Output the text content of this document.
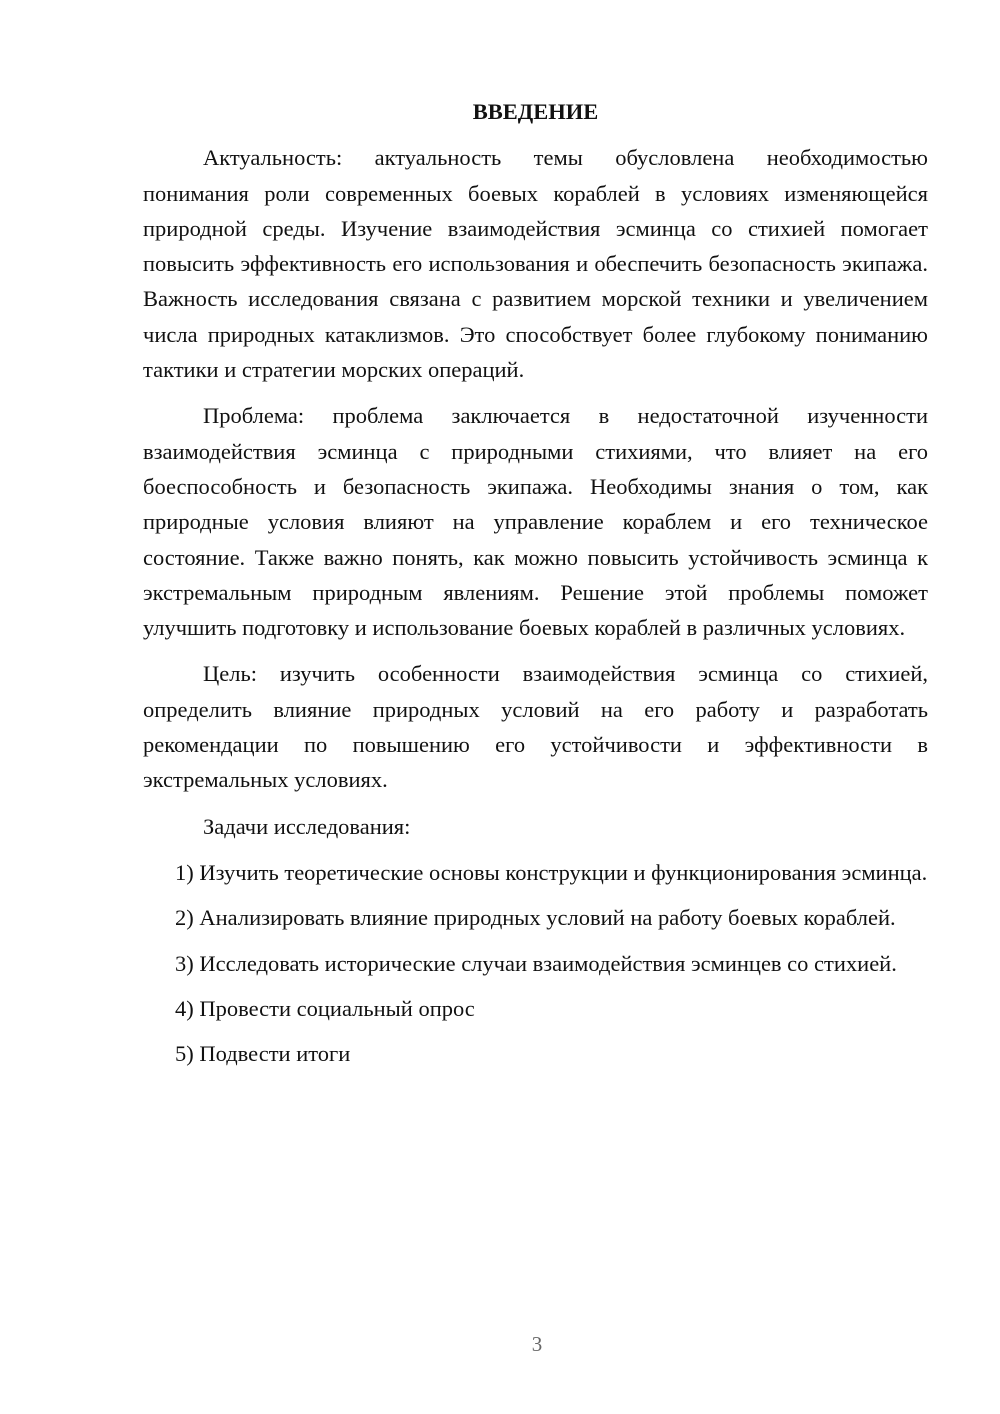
ВВЕДЕНИЕ

Актуальность: актуальность темы обусловлена необходимостью понимания роли современных боевых кораблей в условиях изменяющейся природной среды. Изучение взаимодействия эсминца со стихией помогает повысить эффективность его использования и обеспечить безопасность экипажа. Важность исследования связана с развитием морской техники и увеличением числа природных катаклизмов. Это способствует более глубокому пониманию тактики и стратегии морских операций.

Проблема: проблема заключается в недостаточной изученности взаимодействия эсминца с природными стихиями, что влияет на его боеспособность и безопасность экипажа. Необходимы знания о том, как природные условия влияют на управление кораблем и его техническое состояние. Также важно понять, как можно повысить устойчивость эсминца к экстремальным природным явлениям. Решение этой проблемы поможет улучшить подготовку и использование боевых кораблей в различных условиях.

Цель: изучить особенности взаимодействия эсминца со стихией, определить влияние природных условий на его работу и разработать рекомендации по повышению его устойчивости и эффективности в экстремальных условиях.

Задачи исследования:

1) Изучить теоретические основы конструкции и функционирования эсминца.
2) Анализировать влияние природных условий на работу боевых кораблей.
3) Исследовать исторические случаи взаимодействия эсминцев со стихией.
4) Провести социальный опрос
5) Подвести итоги
3
